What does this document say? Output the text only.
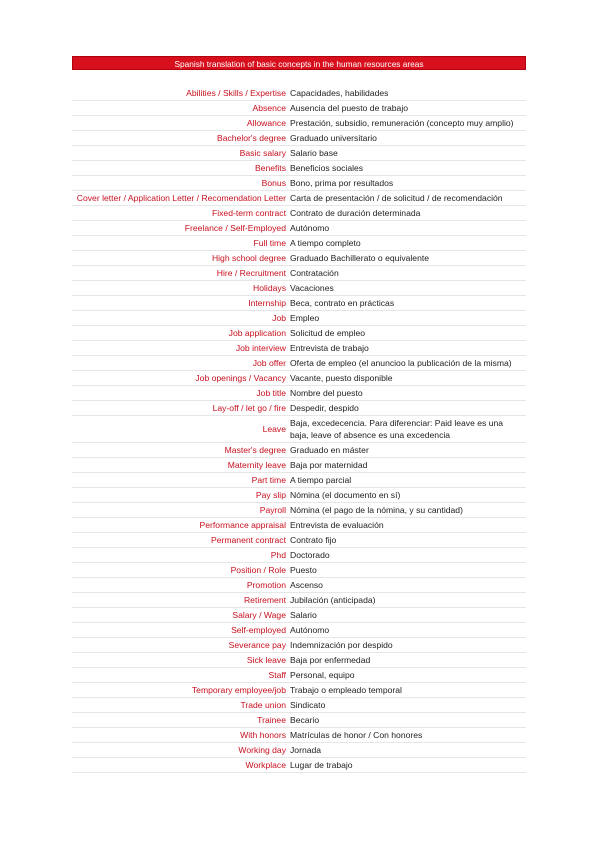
Spanish translation of basic concepts in the human resources areas
Abilities / Skills / Expertise	Capacidades, habilidades
Absence	Ausencia del puesto de trabajo
Allowance	Prestación, subsidio, remuneración (concepto muy amplio)
Bachelor's degree	Graduado universitario
Basic salary	Salario base
Benefits	Beneficios sociales
Bonus	Bono, prima por resultados
Cover letter / Application Letter / Recomendation Letter	Carta de presentación / de solicitud / de recomendación
Fixed-term contract	Contrato de duración determinada
Freelance / Self-Employed	Autónomo
Full time	A tiempo completo
High school degree	Graduado Bachillerato o equivalente
Hire / Recruitment	Contratación
Holidays	Vacaciones
Internship	Beca, contrato en prácticas
Job	Empleo
Job application	Solicitud de empleo
Job interview	Entrevista de trabajo
Job offer	Oferta de empleo (el anuncioo la publicación de la misma)
Job openings / Vacancy	Vacante, puesto disponible
Job title	Nombre del puesto
Lay-off / let go / fire	Despedir, despido
Leave	Baja, excedecencia. Para diferenciar: Paid leave es una baja, leave of absence es una excedencia
Master's degree	Graduado en máster
Maternity leave	Baja por maternidad
Part time	A tiempo parcial
Pay slip	Nómina (el documento en sí)
Payroll	Nómina (el pago de la nómina, y su cantidad)
Performance appraisal	Entrevista de evaluación
Permanent contract	Contrato fijo
Phd	Doctorado
Position / Role	Puesto
Promotion	Ascenso
Retirement	Jubilación (anticipada)
Salary / Wage	Salario
Self-employed	Autónomo
Severance pay	Indemnización por despido
Sick leave	Baja por enfermedad
Staff	Personal, equipo
Temporary employee/job	Trabajo o empleado temporal
Trade union	Sindicato
Trainee	Becario
With honors	Matrículas de honor / Con honores
Working day	Jornada
Workplace	Lugar de trabajo
